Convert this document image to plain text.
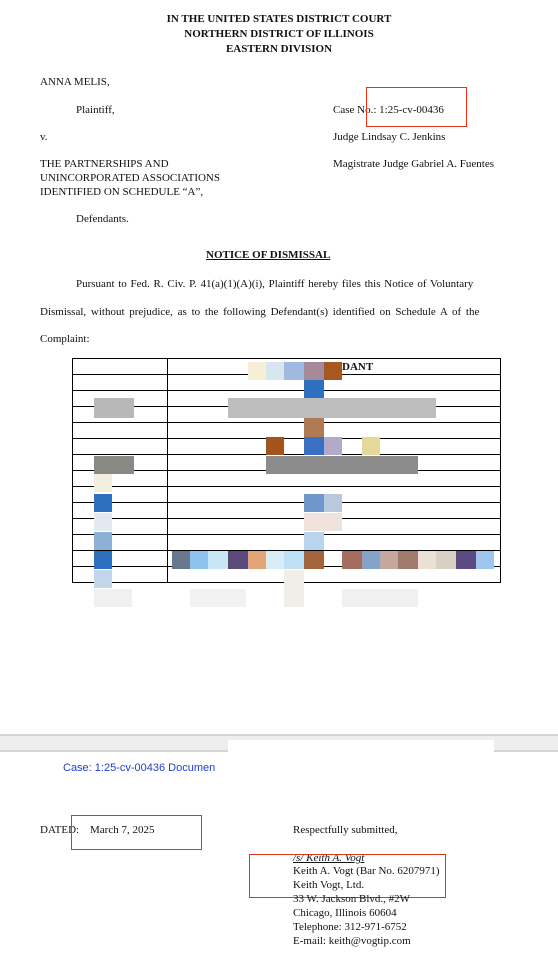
IN THE UNITED STATES DISTRICT COURT
NORTHERN DISTRICT OF ILLINOIS
EASTERN DIVISION
ANNA MELIS,
Plaintiff,
v.
THE PARTNERSHIPS AND
UNINCORPORATED ASSOCIATIONS
IDENTIFIED ON SCHEDULE “A”,
Defendants.
Case No.: 1:25-cv-00436
Judge Lindsay C. Jenkins
Magistrate Judge Gabriel A. Fuentes
NOTICE OF DISMISSAL
Pursuant to Fed. R. Civ. P. 41(a)(1)(A)(i), Plaintiff hereby files this Notice of Voluntary
Dismissal, without prejudice, as to the following Defendant(s) identified on Schedule A of the
Complaint:

DANT
Case: 1:25-cv-00436 Documen
DATED: March 7, 2025	Respectfully submitted,
/s/ Keith A. Vogt
Keith A. Vogt (Bar No. 6207971)
Keith Vogt, Ltd.
33 W. Jackson Blvd., #2W
Chicago, Illinois 60604
Telephone: 312-971-6752
E-mail: keith@vogtip.com
